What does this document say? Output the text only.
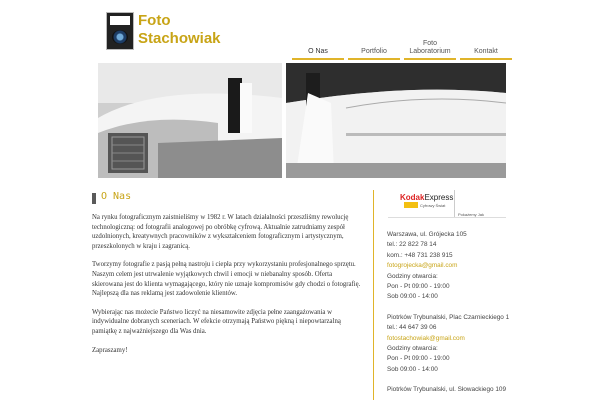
Foto
Stachowiak
O Nas	Portfolio
Foto
Laboratorium	Kontakt
O Nas

Na rynku fotograficznym zaistnieliśmy w 1982 r. W latach działalności przeszliśmy rewolucję technologiczną: od fotografii analogowej po obróbkę cyfrową. Aktualnie zatrudniamy zespół uzdolnionych, kreatywnych pracowników z wykształceniem fotograficznym i artystycznym, przeszkolonych w kraju i zagranicą.

Tworzymy fotografie z pasją pełną nastroju i ciepła przy wykorzystaniu profesjonalnego sprzętu. Naszym celem jest utrwalenie wyjątkowych chwil i emocji w niebanalny sposób. Oferta skierowana jest do klienta wymagającego, który nie uznaje kompromisów gdy chodzi o fotografię. Najlepszą dla nas reklamą jest zadowolenie klientów.

Wybierając nas możecie Państwo liczyć na niesamowite zdjęcia pełne zaangażowania w indywidualne dobranych sceneriach. W efekcie otrzymają Państwo piękną i niepowtarzalną pamiątkę z najważniejszego dla Was dnia.

Zapraszamy!

KodakExpress
Cyfrowy Świat
Pokażemy Jak
Warszawa, ul. Grójecka 105
tel.: 22 822 78 14
kom.: +48 731 238 915
fotogrojecka@gmail.com
Godziny otwarcia:
Pon - Pt 09:00 - 19:00
Sob 09:00 - 14:00
Piotrków Trybunalski, Plac Czarnieckiego 1
tel.: 44 647 39 06
fotostachowiak@gmail.com
Godziny otwarcia:
Pon - Pt 09:00 - 19:00
Sob 09:00 - 14:00
Piotrków Trybunalski, ul. Słowackiego 109
